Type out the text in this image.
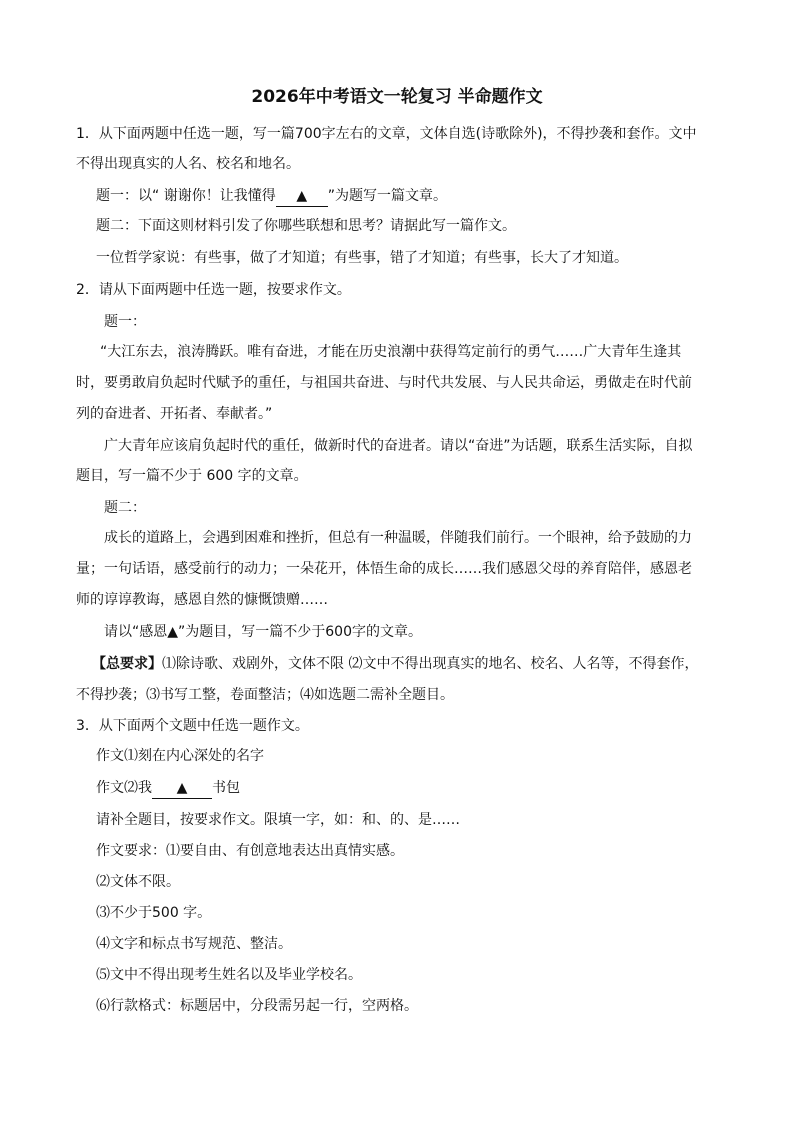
2026年中考语文一轮复习 半命题作文
1．从下面两题中任选一题，写一篇700字左右的文章，文体自选(诗歌除外)，不得抄袭和套作。文中
不得出现真实的人名、校名和地名。
题一：以“ 谢谢你！让我懂得 ▲ ”为题写一篇文章。
题二：下面这则材料引发了你哪些联想和思考？请据此写一篇作文。
一位哲学家说：有些事，做了才知道；有些事，错了才知道；有些事，长大了才知道。
2．请从下面两题中任选一题，按要求作文。
题一：
“大江东去，浪涛腾跃。唯有奋进，才能在历史浪潮中获得笃定前行的勇气……广大青年生逢其
时，要勇敢肩负起时代赋予的重任，与祖国共奋进、与时代共发展、与人民共命运，勇做走在时代前
列的奋进者、开拓者、奉献者。”
广大青年应该肩负起时代的重任，做新时代的奋进者。请以“奋进”为话题，联系生活实际，自拟
题目，写一篇不少于 600 字的文章。
题二：
成长的道路上，会遇到困难和挫折，但总有一种温暖，伴随我们前行。一个眼神，给予鼓励的力
量；一句话语，感受前行的动力；一朵花开，体悟生命的成长……我们感恩父母的养育陪伴，感恩老
师的谆谆教诲，感恩自然的慷慨馈赠……
请以“感恩▲”为题目，写一篇不少于600字的文章。
【总要求】⑴除诗歌、戏剧外，文体不限 ⑵文中不得出现真实的地名、校名、人名等，不得套作，
不得抄袭；⑶书写工整，卷面整洁；⑷如选题二需补全题目。
3．从下面两个文题中任选一题作文。
作文⑴刻在内心深处的名字
作文⑵我 ▲ 书包
请补全题目，按要求作文。限填一字，如：和、的、是……
作文要求：⑴要自由、有创意地表达出真情实感。
⑵文体不限。
⑶不少于500 字。
⑷文字和标点书写规范、整洁。
⑸文中不得出现考生姓名以及毕业学校名。
⑹行款格式：标题居中，分段需另起一行，空两格。
